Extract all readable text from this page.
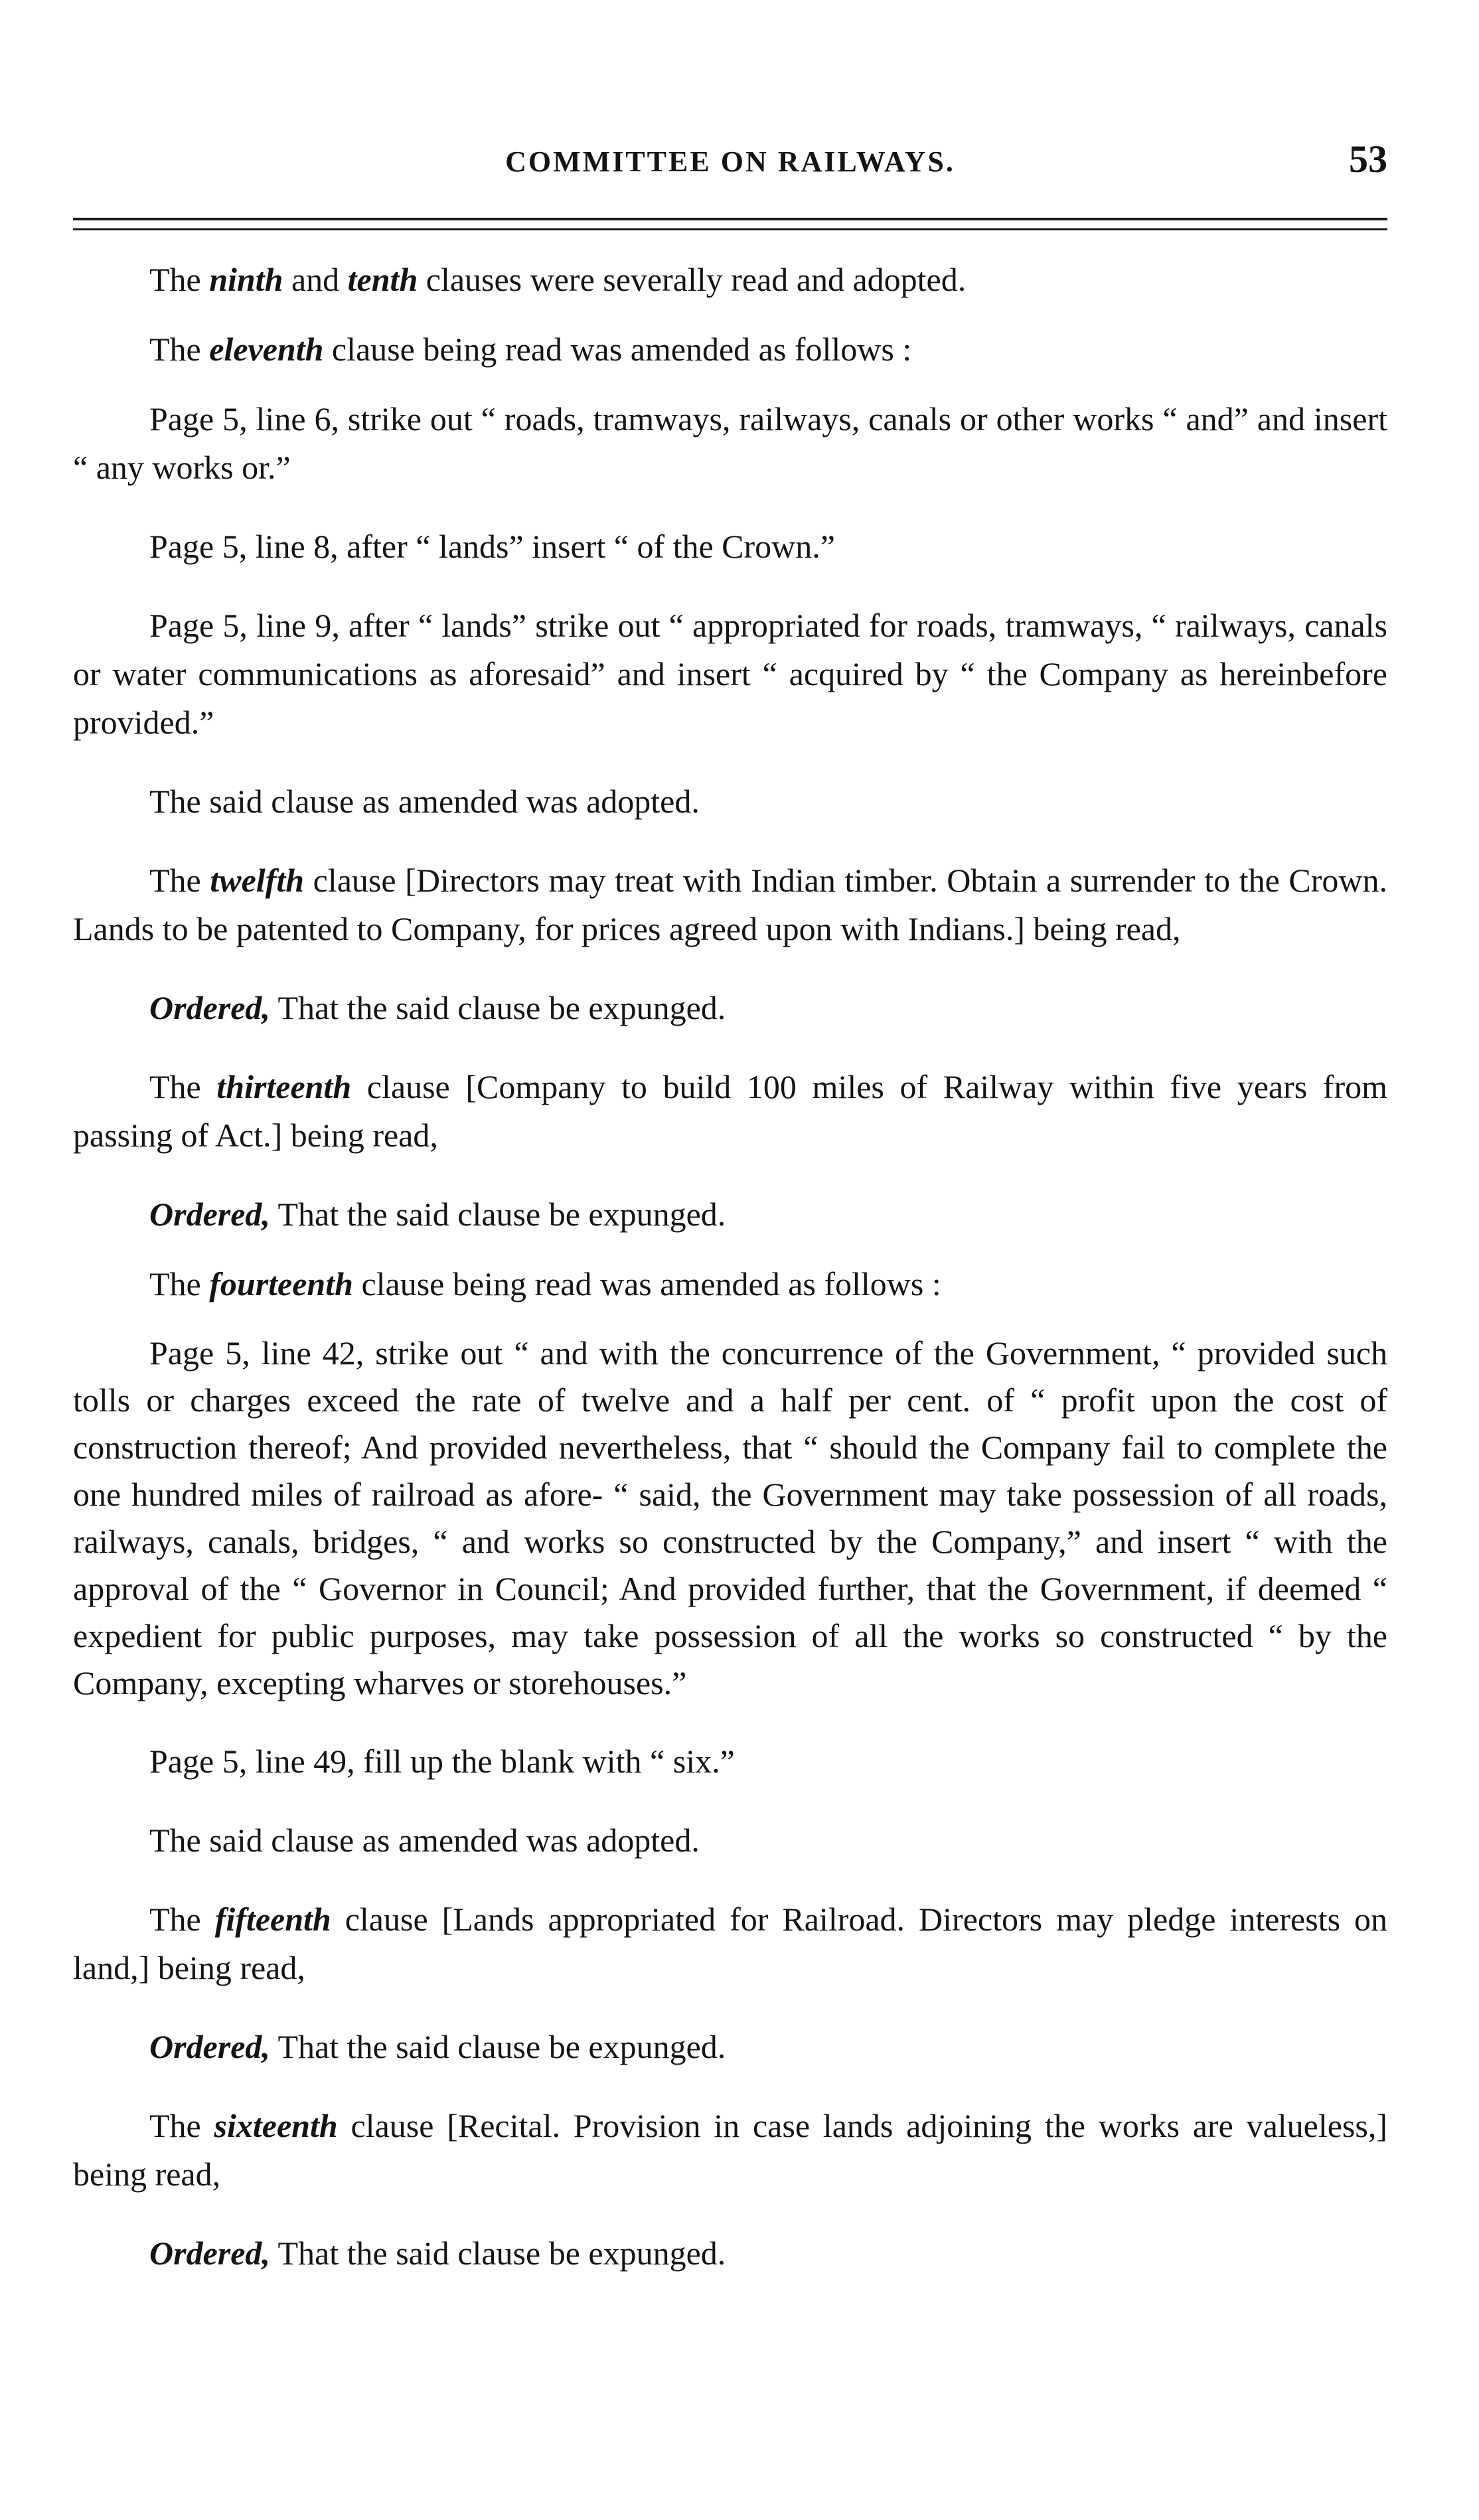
COMMITTEE ON RAILWAYS.	53

The ninth and tenth clauses were severally read and adopted.

The eleventh clause being read was amended as follows :

Page 5, line 6, strike out “ roads, tramways, railways, canals or other works “ and” and insert “ any works or.”

Page 5, line 8, after “ lands” insert “ of the Crown.”

Page 5, line 9, after “ lands” strike out “ appropriated for roads, tramways, “ railways, canals or water communications as aforesaid” and insert “ acquired by “ the Company as hereinbefore provided.”

The said clause as amended was adopted.

The twelfth clause [Directors may treat with Indian timber. Obtain a surrender to the Crown. Lands to be patented to Company, for prices agreed upon with Indians.] being read,

Ordered, That the said clause be expunged.

The thirteenth clause [Company to build 100 miles of Railway within five years from passing of Act.] being read,

Ordered, That the said clause be expunged.

The fourteenth clause being read was amended as follows :

Page 5, line 42, strike out “ and with the concurrence of the Government, “ provided such tolls or charges exceed the rate of twelve and a half per cent. of “ profit upon the cost of construction thereof; And provided nevertheless, that “ should the Company fail to complete the one hundred miles of railroad as afore- “ said, the Government may take possession of all roads, railways, canals, bridges, “ and works so constructed by the Company,” and insert “ with the approval of the “ Governor in Council; And provided further, that the Government, if deemed “ expedient for public purposes, may take possession of all the works so constructed “ by the Company, excepting wharves or storehouses.”

Page 5, line 49, fill up the blank with “ six.”

The said clause as amended was adopted.

The fifteenth clause [Lands appropriated for Railroad. Directors may pledge interests on land,] being read,

Ordered, That the said clause be expunged.

The sixteenth clause [Recital. Provision in case lands adjoining the works are valueless,] being read,

Ordered, That the said clause be expunged.
